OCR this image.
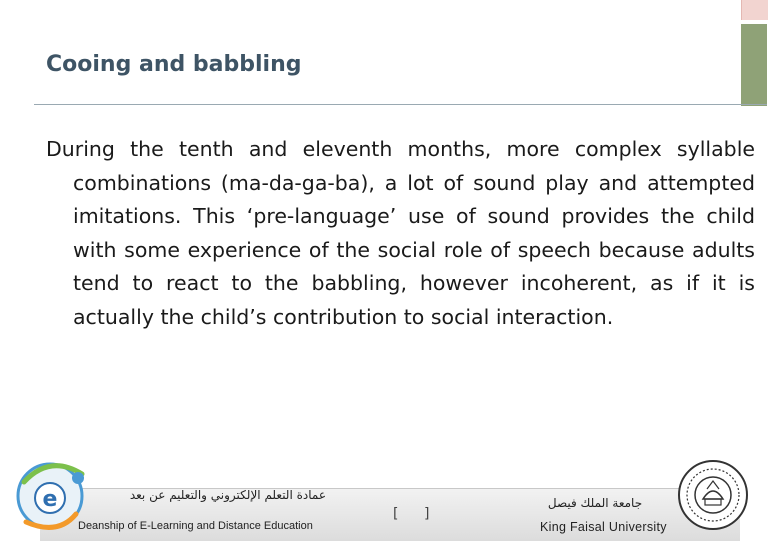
Cooing and babbling
During the tenth and eleventh months, more complex syllable combinations (ma-da-ga-ba), a lot of sound play and attempted imitations. This ‘pre-language’ use of sound provides the child with some experience of the social role of speech because adults tend to react to the babbling, however incoherent, as if it is actually the child’s contribution to social interaction.
e	عمادة التعلم الإلكتروني والتعليم عن بعد
Deanship of E-Learning and Distance Education
[ ]
جامعة الملك فيصل
King Faisal University
